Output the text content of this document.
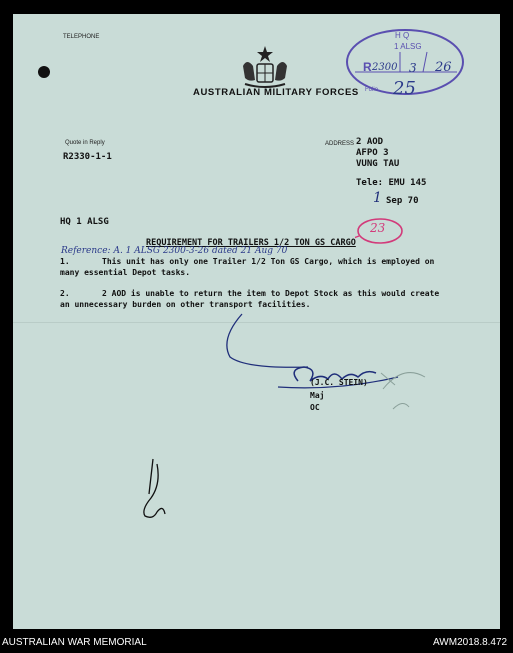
TELEPHONE
AUSTRALIAN MILITARY FORCES
H Q
1 ALSG
R 2300 3 26
Folio 25
Quote in Reply
R2330-1-1
ADDRESS 2 AOD
AFPO 3
VUNG TAU
Tele: EMU 145
1 Sep 70
HQ 1 ALSG	23
REQUIREMENT FOR TRAILERS 1/2 TON GS CARGO
Reference: A. 1 ALSG 2300-3-26 dated 21 Aug 70
1.	This unit has only one Trailer 1/2 Ton GS Cargo, which is employed on
many essential Depot tasks.
2.	2 AOD is unable to return the item to Depot Stock as this would create
an unnecessary burden on other transport facilities.
(J.C. STEIN)
Maj
OC
AUSTRALIAN WAR MEMORIAL	AWM2018.8.472
